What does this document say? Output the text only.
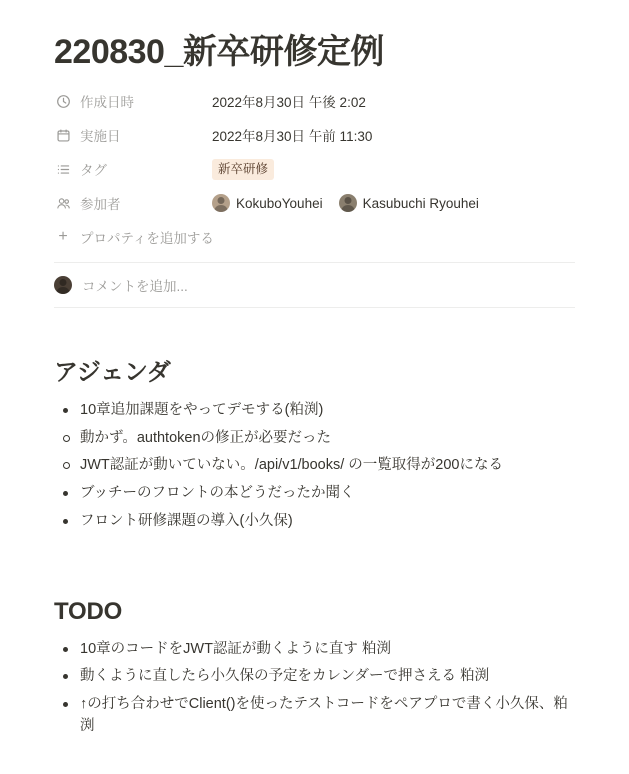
220830_新卒研修定例
作成日時	2022年8月30日 午後 2:02
実施日	2022年8月30日 午前 11:30
タグ	新卒研修
参加者	KokuboYouhei	Kasubuchi Ryouhei
+ プロパティを追加する
コメントを追加...
アジェンダ
10章追加課題をやってデモする(粕渕)
動かず。authtokenの修正が必要だった
JWT認証が動いていない。/api/v1/books/ の一覧取得が200になる
ブッチーのフロントの本どうだったか聞く
フロント研修課題の導入(小久保)
TODO
10章のコードをJWT認証が動くように直す 粕渕
動くように直したら小久保の予定をカレンダーで押さえる 粕渕
↑の打ち合わせでClient()を使ったテストコードをペアプロで書く小久保、粕渕
